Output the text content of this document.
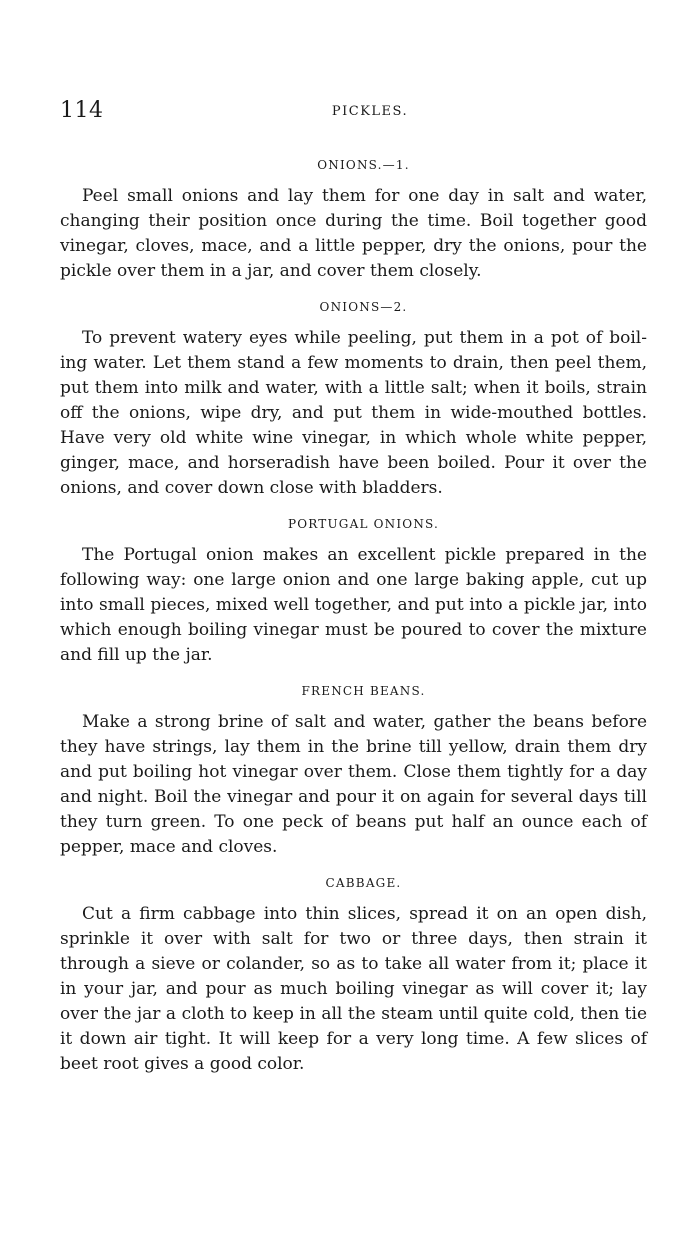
114	PICKLES.

ONIONS.—1.

Peel small onions and lay them for one day in salt and water, changing their position once during the time. Boil together good vinegar, cloves, mace, and a little pepper, dry the onions, pour the pickle over them in a jar, and cover them closely.

ONIONS—2.

To prevent watery eyes while peeling, put them in a pot of boiling water. Let them stand a few moments to drain, then peel them, put them into milk and water, with a little salt; when it boils, strain off the onions, wipe dry, and put them in wide-mouthed bottles. Have very old white wine vinegar, in which whole white pepper, ginger, mace, and horseradish have been boiled. Pour it over the onions, and cover down close with bladders.

PORTUGAL ONIONS.

The Portugal onion makes an excellent pickle prepared in the following way: one large onion and one large baking apple, cut up into small pieces, mixed well together, and put into a pickle jar, into which enough boiling vinegar must be poured to cover the mixture and fill up the jar.

FRENCH BEANS.

Make a strong brine of salt and water, gather the beans before they have strings, lay them in the brine till yellow, drain them dry and put boiling hot vinegar over them. Close them tightly for a day and night. Boil the vinegar and pour it on again for several days till they turn green. To one peck of beans put half an ounce each of pepper, mace and cloves.

CABBAGE.

Cut a firm cabbage into thin slices, spread it on an open dish, sprinkle it over with salt for two or three days, then strain it through a sieve or colander, so as to take all water from it; place it in your jar, and pour as much boiling vinegar as will cover it; lay over the jar a cloth to keep in all the steam until quite cold, then tie it down air tight. It will keep for a very long time. A few slices of beet root gives a good color.
